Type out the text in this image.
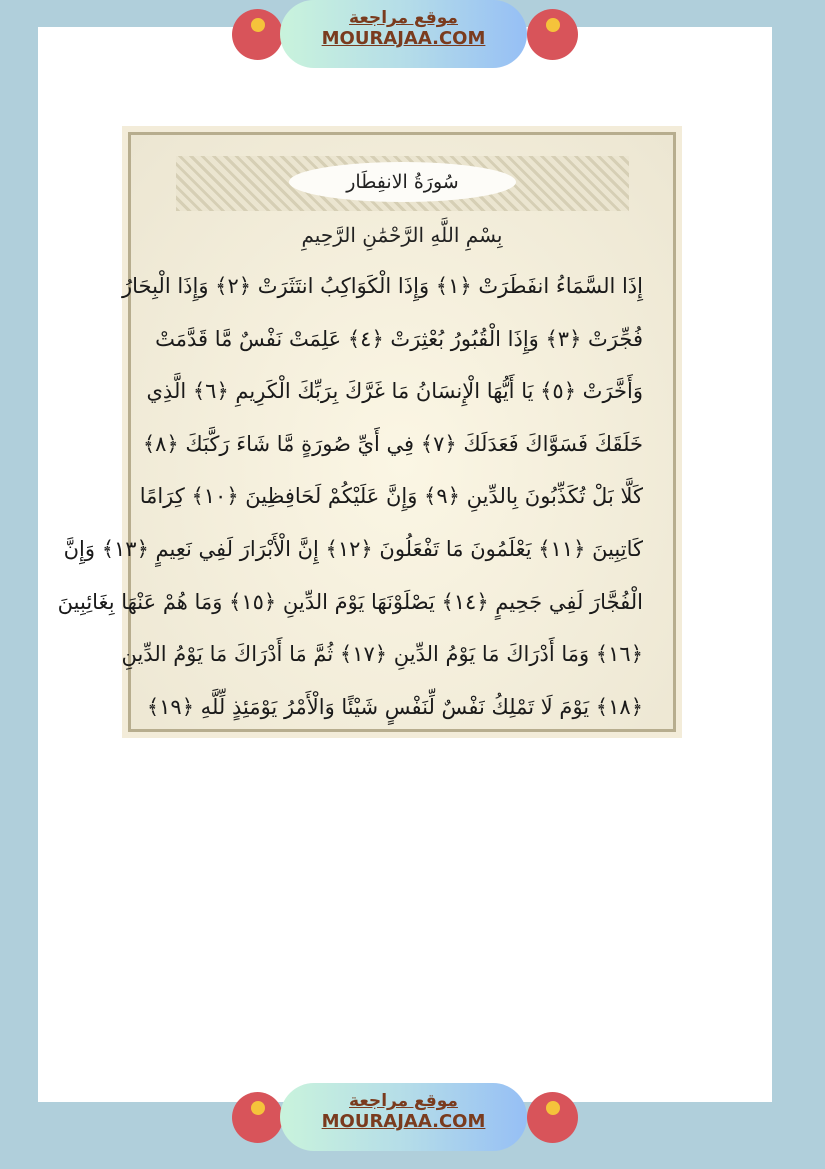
موقع مراجعة
MOURAJAA.COM
سُورَةُ الانفِطَار
بِسْمِ اللَّهِ الرَّحْمَٰنِ الرَّحِيمِ
إِذَا السَّمَاءُ انفَطَرَتْ ﴿١﴾ وَإِذَا الْكَوَاكِبُ انتَثَرَتْ ﴿٢﴾ وَإِذَا الْبِحَارُ
فُجِّرَتْ ﴿٣﴾ وَإِذَا الْقُبُورُ بُعْثِرَتْ ﴿٤﴾ عَلِمَتْ نَفْسٌ مَّا قَدَّمَتْ
وَأَخَّرَتْ ﴿٥﴾ يَا أَيُّهَا الْإِنسَانُ مَا غَرَّكَ بِرَبِّكَ الْكَرِيمِ ﴿٦﴾ الَّذِي
خَلَقَكَ فَسَوَّاكَ فَعَدَلَكَ ﴿٧﴾ فِي أَيِّ صُورَةٍ مَّا شَاءَ رَكَّبَكَ ﴿٨﴾
كَلَّا بَلْ تُكَذِّبُونَ بِالدِّينِ ﴿٩﴾ وَإِنَّ عَلَيْكُمْ لَحَافِظِينَ ﴿١٠﴾ كِرَامًا
كَاتِبِينَ ﴿١١﴾ يَعْلَمُونَ مَا تَفْعَلُونَ ﴿١٢﴾ إِنَّ الْأَبْرَارَ لَفِي نَعِيمٍ ﴿١٣﴾ وَإِنَّ
الْفُجَّارَ لَفِي جَحِيمٍ ﴿١٤﴾ يَصْلَوْنَهَا يَوْمَ الدِّينِ ﴿١٥﴾ وَمَا هُمْ عَنْهَا بِغَائِبِينَ
﴿١٦﴾ وَمَا أَدْرَاكَ مَا يَوْمُ الدِّينِ ﴿١٧﴾ ثُمَّ مَا أَدْرَاكَ مَا يَوْمُ الدِّينِ
﴿١٨﴾ يَوْمَ لَا تَمْلِكُ نَفْسٌ لِّنَفْسٍ شَيْئًا وَالْأَمْرُ يَوْمَئِذٍ لِّلَّهِ ﴿١٩﴾
موقع مراجعة
MOURAJAA.COM
